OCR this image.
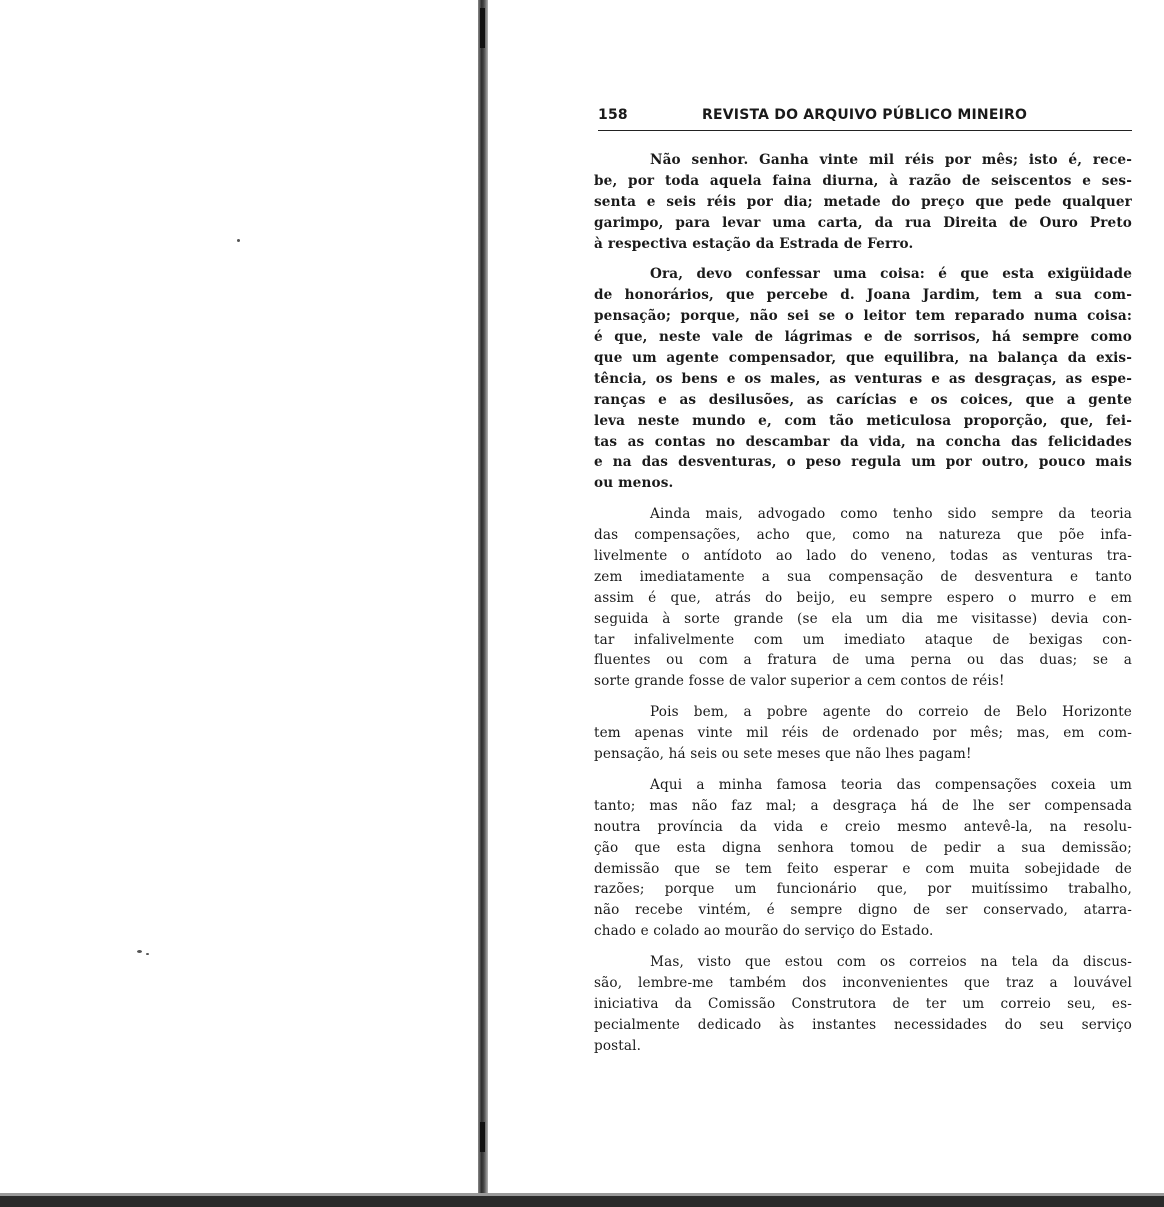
158	REVISTA DO ARQUIVO PÚBLICO MINEIRO

Não senhor. Ganha vinte mil réis por mês; isto é, rece-
be, por toda aquela faina diurna, à razão de seiscentos e ses-
senta e seis réis por dia; metade do preço que pede qualquer
garimpo, para levar uma carta, da rua Direita de Ouro Preto
à respectiva estação da Estrada de Ferro.

Ora, devo confessar uma coisa: é que esta exigüidade
de honorários, que percebe d. Joana Jardim, tem a sua com-
pensação; porque, não sei se o leitor tem reparado numa coisa:
é que, neste vale de lágrimas e de sorrisos, há sempre como
que um agente compensador, que equilibra, na balança da exis-
tência, os bens e os males, as venturas e as desgraças, as espe-
ranças e as desilusões, as carícias e os coices, que a gente
leva neste mundo e, com tão meticulosa proporção, que, fei-
tas as contas no descambar da vida, na concha das felicidades
e na das desventuras, o peso regula um por outro, pouco mais
ou menos.

Ainda mais, advogado como tenho sido sempre da teoria
das compensações, acho que, como na natureza que põe infa-
livelmente o antídoto ao lado do veneno, todas as venturas tra-
zem imediatamente a sua compensação de desventura e tanto
assim é que, atrás do beijo, eu sempre espero o murro e em
seguida à sorte grande (se ela um dia me visitasse) devia con-
tar infalivelmente com um imediato ataque de bexigas con-
fluentes ou com a fratura de uma perna ou das duas; se a
sorte grande fosse de valor superior a cem contos de réis!

Pois bem, a pobre agente do correio de Belo Horizonte
tem apenas vinte mil réis de ordenado por mês; mas, em com-
pensação, há seis ou sete meses que não lhes pagam!

Aqui a minha famosa teoria das compensações coxeia um
tanto; mas não faz mal; a desgraça há de lhe ser compensada
noutra província da vida e creio mesmo antevê-la, na resolu-
ção que esta digna senhora tomou de pedir a sua demissão;
demissão que se tem feito esperar e com muita sobejidade de
razões; porque um funcionário que, por muitíssimo trabalho,
não recebe vintém, é sempre digno de ser conservado, atarra-
chado e colado ao mourão do serviço do Estado.

Mas, visto que estou com os correios na tela da discus-
são, lembre-me também dos inconvenientes que traz a louvável
iniciativa da Comissão Construtora de ter um correio seu, es-
pecialmente dedicado às instantes necessidades do seu serviço
postal.
